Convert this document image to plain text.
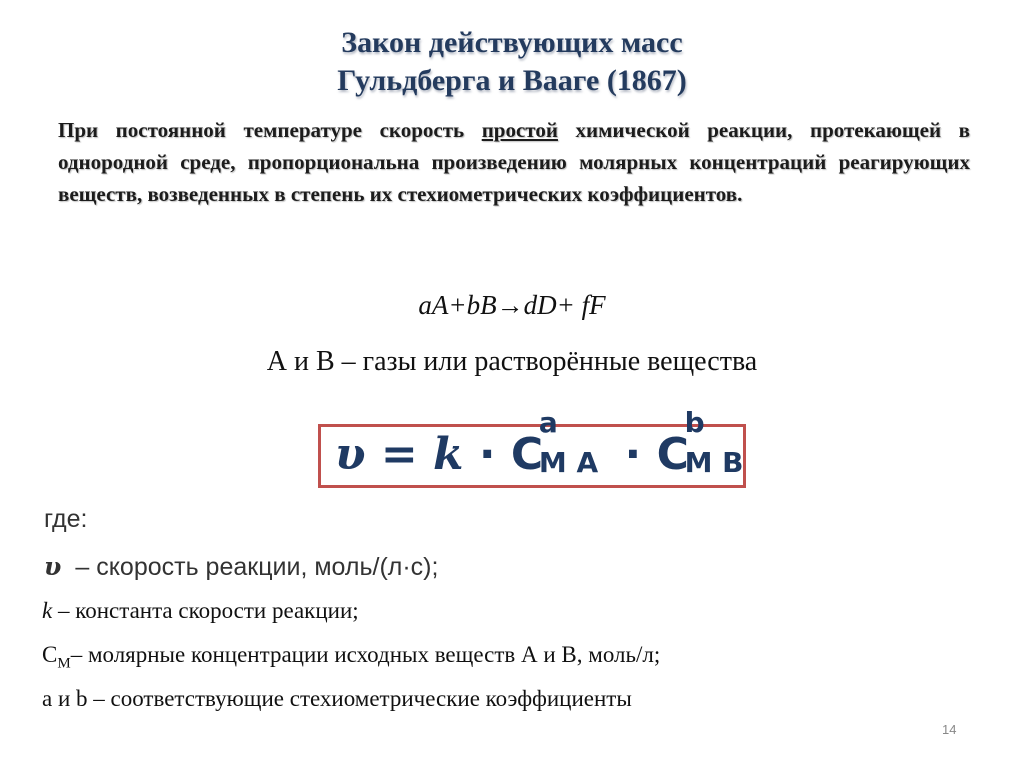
Закон действующих масс
Гульдберга и Вааге (1867)
При постоянной температуре скорость простой химической реакции, протекающей в однородной среде, пропорциональна произведению молярных концентраций реагирующих веществ, возведенных в степень их стехиометрических коэффициентов.
aA+bB→dD+ fF
А и В – газы или растворённые вещества
υ = k · C
a
M A · C
b
M B
где:
υ – скорость реакции, моль/(л·с);
k – константа скорости реакции;
$C_M-$ молярные концентрации исходных веществ А и В, моль/л;
a и b – соответствующие стехиометрические коэффициенты
14
